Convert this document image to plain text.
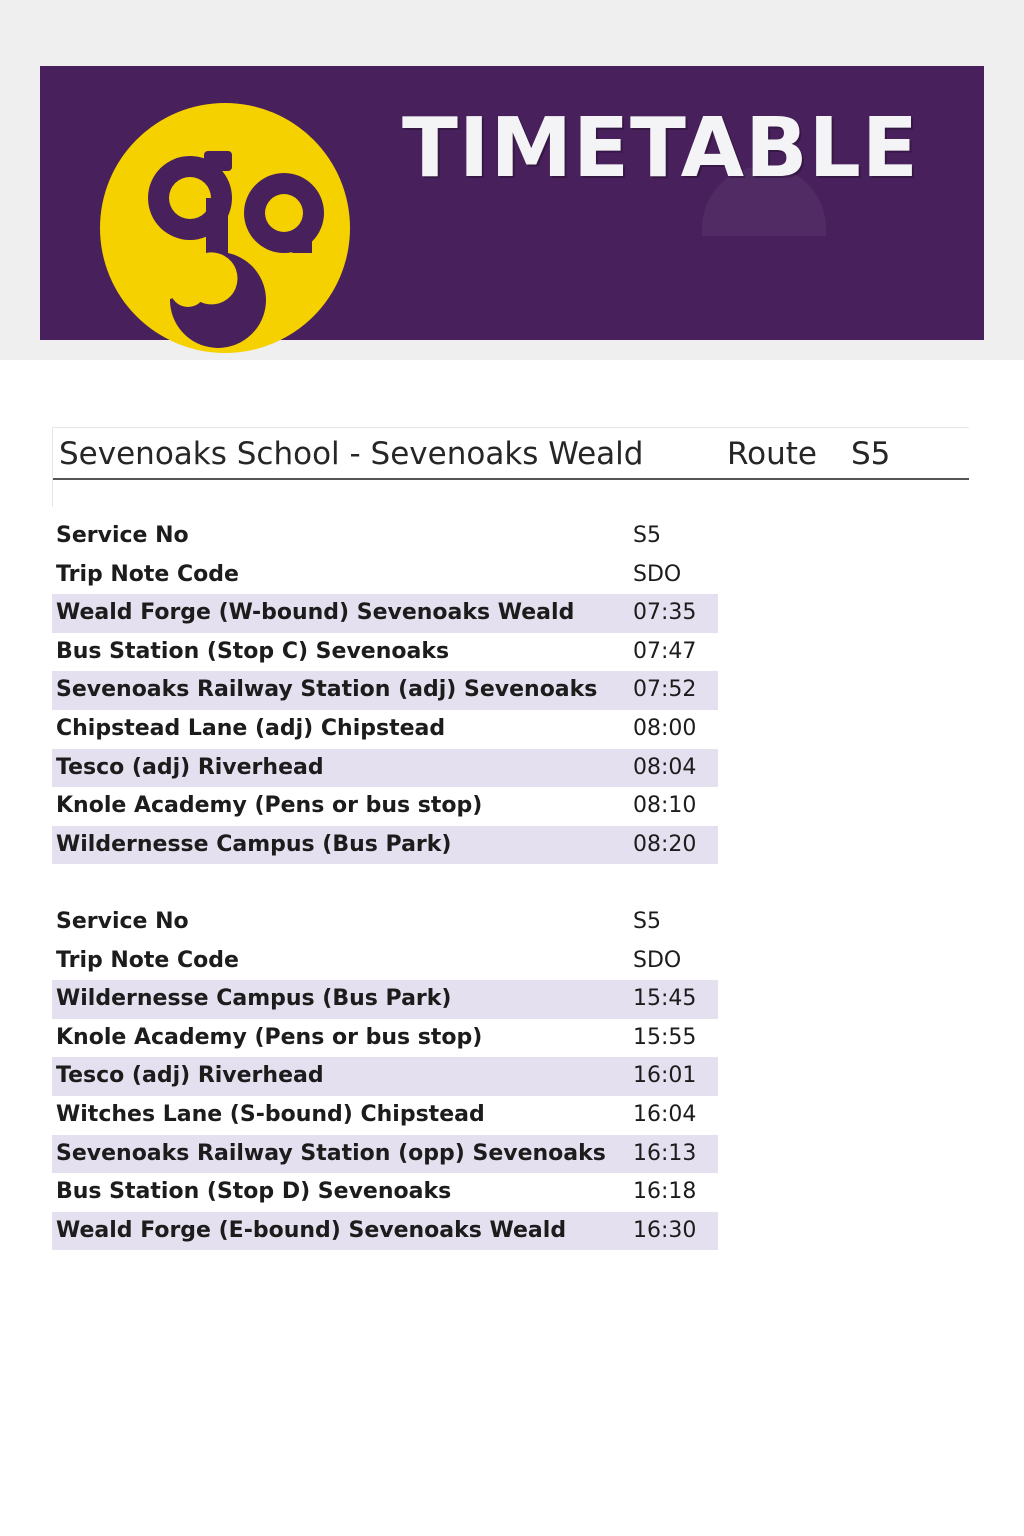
TIMETABLE
Sevenoaks School - Sevenoaks Weald	Route S5
Service No	S5
Trip Note Code	SDO
Weald Forge (W-bound) Sevenoaks Weald	07:35
Bus Station (Stop C) Sevenoaks	07:47
Sevenoaks Railway Station (adj) Sevenoaks 07:52
Chipstead Lane (adj) Chipstead	08:00
Tesco (adj) Riverhead	08:04
Knole Academy (Pens or bus stop)	08:10
Wildernesse Campus (Bus Park)	08:20
Service No	S5
Trip Note Code	SDO
Wildernesse Campus (Bus Park)	15:45
Knole Academy (Pens or bus stop)	15:55
Tesco (adj) Riverhead	16:01
Witches Lane (S-bound) Chipstead	16:04
Sevenoaks Railway Station (opp) Sevenoaks 16:13
Bus Station (Stop D) Sevenoaks	16:18
Weald Forge (E-bound) Sevenoaks Weald	16:30
